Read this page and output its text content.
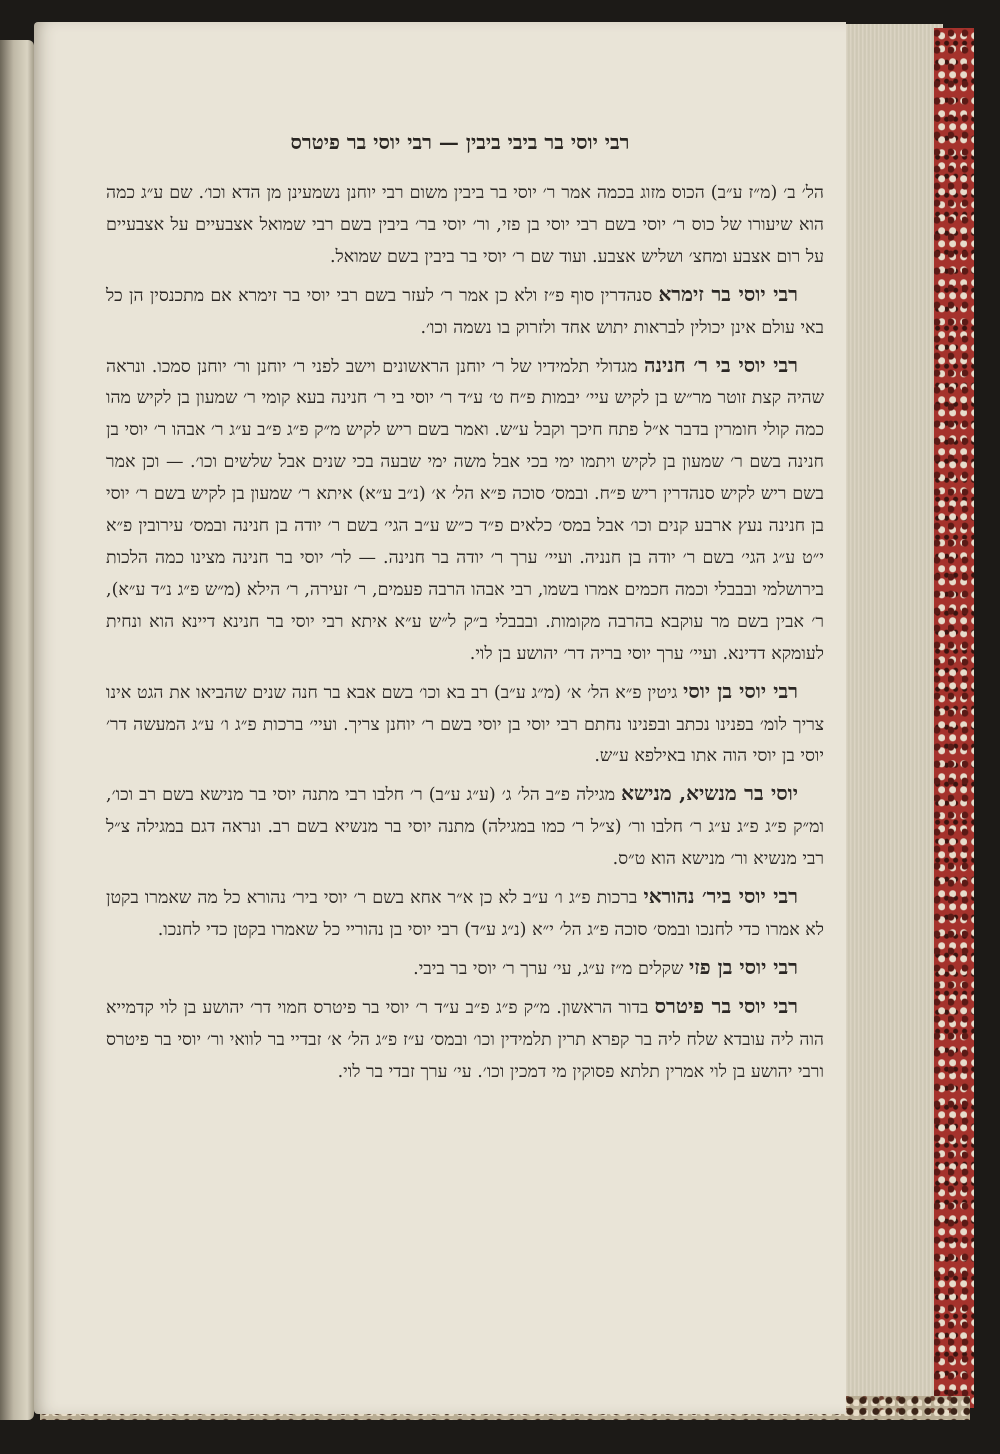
רבי יוסי בר ביבי ביבין — רבי יוסי בר פיטרס

הל׳ ב׳ (מ״ז ע״ב) הכוס מזוג בכמה אמר ר׳ יוסי בר ביבין משום רבי יוחנן נשמעינן מן הדא וכו׳. שם ע״ג כמה הוא שיעורו של כוס ר׳ יוסי בשם רבי יוסי בן פזי, ור׳ יוסי בר׳ ביבין בשם רבי שמואל אצבעיים על אצבעיים על רום אצבע ומחצ׳ ושליש אצבע. ועוד שם ר׳ יוסי בר ביבין בשם שמואל.

רבי יוסי בר זימרא סנהדרין סוף פ״ז ולא כן אמר ר׳ לעזר בשם רבי יוסי בר זימרא אם מתכנסין הן כל באי עולם אינן יכולין לבראות יתוש אחד ולזרוק בו נשמה וכו׳.

רבי יוסי בי ר׳ חנינה מגדולי תלמידיו של ר׳ יוחנן הראשונים וישב לפני ר׳ יוחנן ור׳ יוחנן סמכו. ונראה שהיה קצת זוטר מר״ש בן לקיש עיי׳ יבמות פ״ח ט׳ ע״ד ר׳ יוסי בי ר׳ חנינה בעא קומי ר׳ שמעון בן לקיש מהו כמה קולי חומרין בדבר א״ל פתח חיכך וקבל ע״ש. ואמר בשם ריש לקיש מ״ק פ״ג פ״ב ע״ג ר׳ אבהו ר׳ יוסי בן חנינה בשם ר׳ שמעון בן לקיש ויתמו ימי בכי אבל משה ימי שבעה בכי שנים אבל שלשים וכו׳. — וכן אמר בשם ריש לקיש סנהדרין ריש פ״ח. ובמס׳ סוכה פ״א הל׳ א׳ (נ״ב ע״א) איתא ר׳ שמעון בן לקיש בשם ר׳ יוסי בן חנינה נעץ ארבע קנים וכו׳ אבל במס׳ כלאים פ״ד כ״ש ע״ב הגי׳ בשם ר׳ יודה בן חנינה ובמס׳ עירובין פ״א י״ט ע״ג הגי׳ בשם ר׳ יודה בן חנניה. ועיי׳ ערך ר׳ יודה בר חנינה. — לר׳ יוסי בר חנינה מצינו כמה הלכות בירושלמי ובבבלי וכמה חכמים אמרו בשמו, רבי אבהו הרבה פעמים, ר׳ זעירה, ר׳ הילא (מ״ש פ״ג נ״ד ע״א), ר׳ אבין בשם מר עוקבא בהרבה מקומות. ובבבלי ב״ק ל״ש ע״א איתא רבי יוסי בר חנינא דיינא הוא ונחית לעומקא דדינא. ועיי׳ ערך יוסי בריה דר׳ יהושע בן לוי.

רבי יוסי בן יוסי גיטין פ״א הל׳ א׳ (מ״ג ע״ב) רב בא וכו׳ בשם אבא בר חנה שנים שהביאו את הגט אינו צריך לומ׳ בפנינו נכתב ובפנינו נחתם רבי יוסי בן יוסי בשם ר׳ יוחנן צריך. ועיי׳ ברכות פ״ג ו׳ ע״ג המעשה דר׳ יוסי בן יוסי הוה אתו באילפא ע״ש.

יוסי בר מנשיא, מנישא מגילה פ״ב הל׳ ג׳ (ע״ג ע״ב) ר׳ חלבו רבי מתנה יוסי בר מנישא בשם רב וכו׳, ומ״ק פ״ג פ״ג ע״ג ר׳ חלבו ור׳ (צ״ל ר׳ כמו במגילה) מתנה יוסי בר מנשיא בשם רב. ונראה דגם במגילה צ״ל רבי מנשיא ור׳ מנישא הוא ט״ס.

רבי יוסי ביר׳ נהוראי ברכות פ״ג ו׳ ע״ב לא כן א״ר אחא בשם ר׳ יוסי ביר׳ נהורא כל מה שאמרו בקטן לא אמרו כדי לחנכו ובמס׳ סוכה פ״ג הל׳ י״א (נ״ג ע״ד) רבי יוסי בן נהוריי כל שאמרו בקטן כדי לחנכו.

רבי יוסי בן פזי שקלים מ״ז ע״ג, עי׳ ערך ר׳ יוסי בר ביבי.

רבי יוסי בר פיטרס בדור הראשון. מ״ק פ״ג פ״ב ע״ד ר׳ יוסי בר פיטרס חמוי דר׳ יהושע בן לוי קדמייא הוה ליה עובדא שלח ליה בר קפרא תרין תלמידין וכו׳ ובמס׳ ע״ז פ״ג הל׳ א׳ זבדיי בר לוואי ור׳ יוסי בר פיטרס ורבי יהושע בן לוי אמרין תלתא פסוקין מי דמכין וכו׳. עי׳ ערך זבדי בר לוי.
